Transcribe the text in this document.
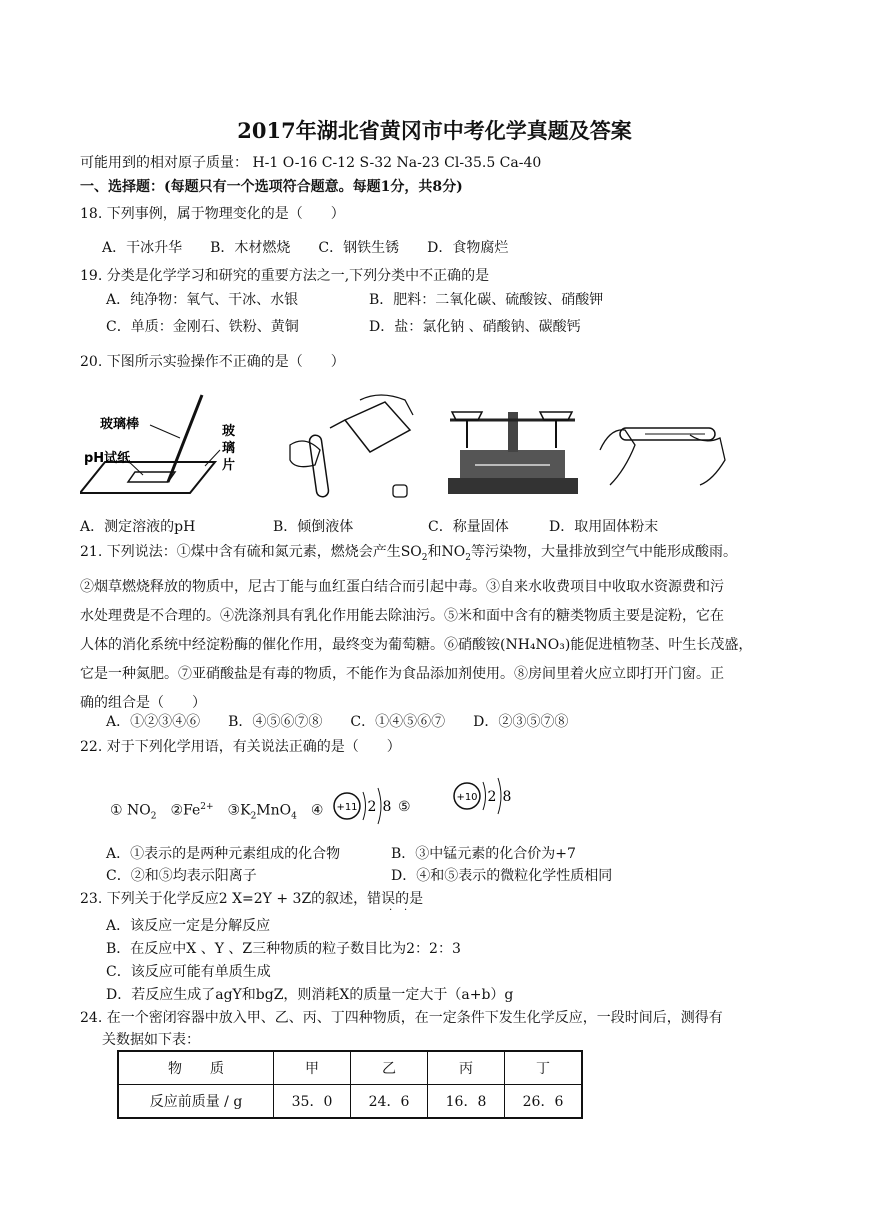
2017年湖北省黄冈市中考化学真题及答案
可能用到的相对原子质量： H-1 O-16 C-12 S-32 Na-23 Cl-35.5 Ca-40
一、选择题：(每题只有一个选项符合题意。每题1分，共8分)
18. 下列事例，属于物理变化的是（　　）
A．干冰升华　　B．木材燃烧　　C．钢铁生锈　　D．食物腐烂
19. 分类是化学学习和研究的重要方法之一,下列分类中不正确的是
A．纯净物：氧气、干冰、水银	B．肥料：二氧化碳、硫酸铵、硝酸钾
C．单质：金刚石、铁粉、黄铜	D．盐：氯化钠 、硝酸钠、碳酸钙
20. 下图所示实验操作不正确的是（　　）
玻璃棒
pH试纸
玻
璃
片
A．测定溶液的pH	B．倾倒液体	C．称量固体	D．取用固体粉末
21. 下列说法：①煤中含有硫和氮元素，燃烧会产生$SO_2$和$NO_2$等污染物，大量排放到空气中能形成酸雨。
②烟草燃烧释放的物质中，尼古丁能与血红蛋白结合而引起中毒。③自来水收费项目中收取水资源费和污
水处理费是不合理的。④洗涤剂具有乳化作用能去除油污。⑤米和面中含有的糖类物质主要是淀粉，它在
人体的消化系统中经淀粉酶的催化作用，最终变为葡萄糖。⑥硝酸铵(NH₄NO₃)能促进植物茎、叶生长茂盛，
它是一种氮肥。⑦亚硝酸盐是有毒的物质，不能作为食品添加剂使用。⑧房间里着火应立即打开门窗。正
确的组合是（　　）
A．①②③④⑥　　B．④⑤⑥⑦⑧　　C．①④⑤⑥⑦　　D．②③⑤⑦⑧
22. 对于下列化学用语，有关说法正确的是（　　）
① $NO_2$  $②Fe^{2+}$  $③K_2MnO_4$  ④ +11 2 8 ⑤
+10 2 8
A．①表示的是两种元素组成的化合物	B．③中锰元素的化合价为+7
C．②和⑤均表示阳离子	D．④和⑤表示的微粒化学性质相同
23. 下列关于化学反应2 X=2Y + 3Z的叙述，错误的是
· ·
A．该反应一定是分解反应
B．在反应中X 、Y 、Z三种物质的粒子数目比为2：2：3
C．该反应可能有单质生成
D．若反应生成了agY和bgZ，则消耗X的质量一定大于（a+b）g
24. 在一个密闭容器中放入甲、乙、丙、丁四种物质，在一定条件下发生化学反应，一段时间后，测得有
关数据如下表：
物　　质	甲	乙	丙	丁
反应前质量 / g	35．0	24．6	16．8	26．6
